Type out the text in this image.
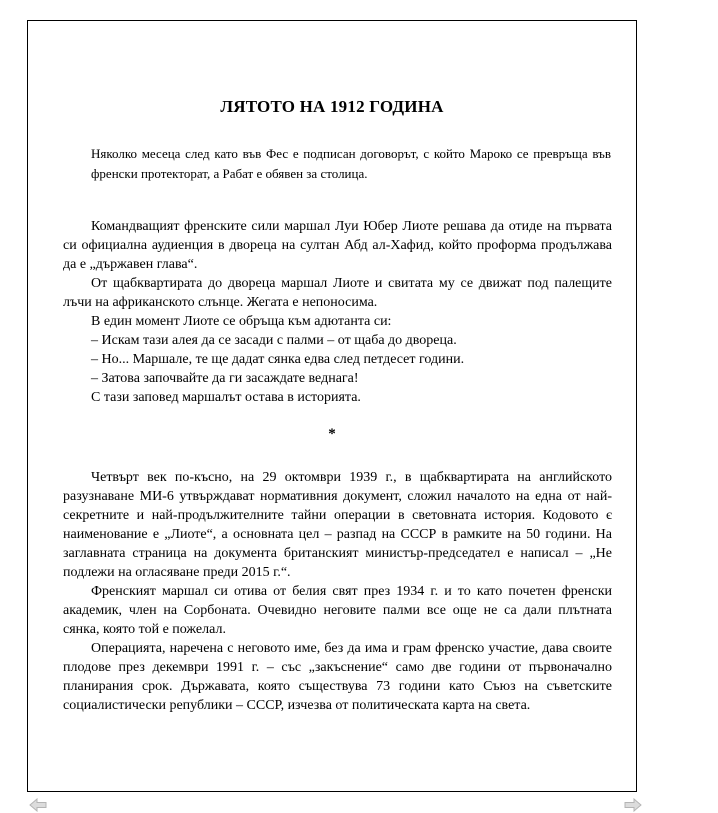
ЛЯТОТО НА 1912 ГОДИНА
Няколко месеца след като във Фес е подписан договорът, с който Мароко се превръща във френски протекторат, а Рабат е обявен за столица.

Командващият френските сили маршал Луи Юбер Лиоте решава да отиде на първата си официална аудиенция в двореца на султан Абд ал-Хафид, който проформа продължава да е „държавен глава“.

От щабквартирата до двореца маршал Лиоте и свитата му се движат под палещите лъчи на африканското слънце. Жегата е непоносима.

В един момент Лиоте се обръща към адютанта си:

– Искам тази алея да се засади с палми – от щаба до двореца.

– Но... Маршале, те ще дадат сянка едва след петдесет години.

– Затова започвайте да ги засаждате веднага!

С тази заповед маршалът остава в историята.

*

Четвърт век по-късно, на 29 октомври 1939 г., в щабквартирата на английското разузнаване МИ-6 утвърждават нормативния документ, сложил началото на една от най-секретните и най-продължителните тайни операции в световната история. Кодовото є наименование е „Лиоте“, а основната цел – разпад на СССР в рамките на 50 години. На заглавната страница на документа британският министър-председател е написал – „Не подлежи на огласяване преди 2015 г.“.

Френският маршал си отива от белия свят през 1934 г. и то като почетен френски академик, член на Сорбоната. Очевидно неговите палми все още не са дали плътната сянка, която той е пожелал.

Операцията, наречена с неговото име, без да има и грам френско участие, дава своите плодове през декември 1991 г. – със „закъснение“ само две години от първоначално планирания срок. Държавата, която съществува 73 години като Съюз на съветските социалистически републики – СССР, изчезва от политическата карта на света.
